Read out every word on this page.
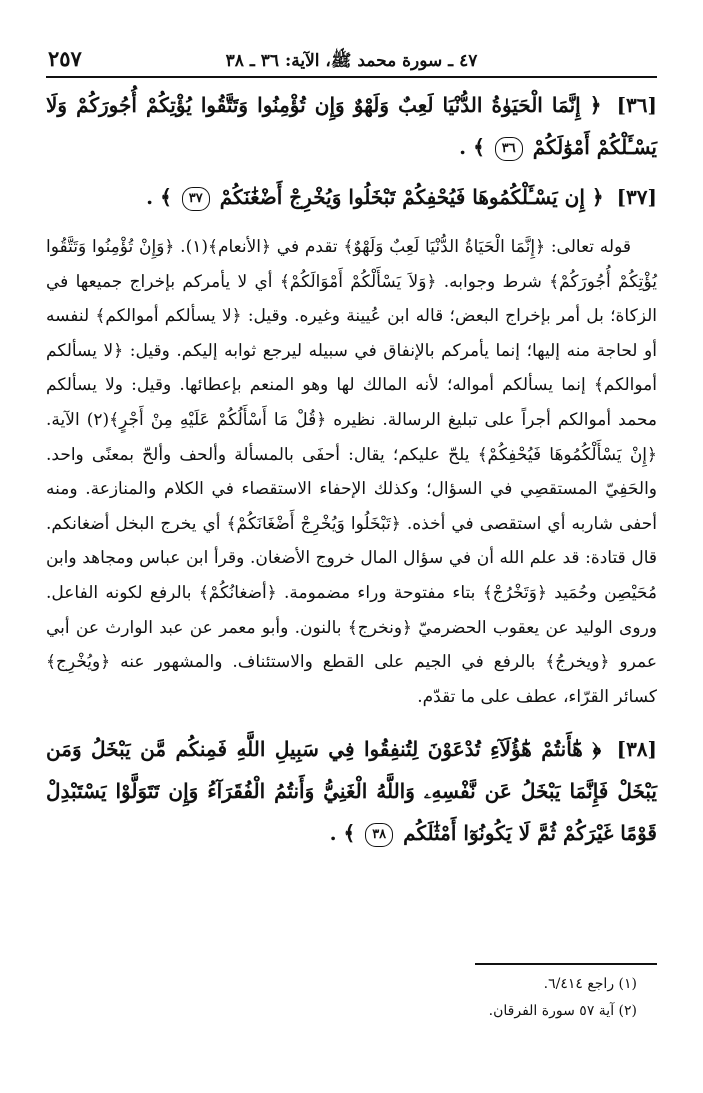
٤٧ ـ سورة محمد ﷺ، الآية: ٣٦ ـ ٣٨
٢٥٧
[٣٦] ﴿ إِنَّمَا الْحَيَوٰةُ الدُّنْيَا لَعِبٌ وَلَهْوٌ وَإِن تُؤْمِنُوا وَتَتَّقُوا يُؤْتِكُمْ أُجُورَكُمْ وَلَا يَسْـَٔلْكُمْ أَمْوَٰلَكُمْ ٣٦ ﴾ .
[٣٧] ﴿ إِن يَسْـَٔلْكُمُوهَا فَيُحْفِكُمْ تَبْخَلُوا وَيُخْرِجْ أَضْغَٰنَكُمْ ٣٧ ﴾ .

قوله تعالى: ﴿إِنَّمَا الْحَيَاةُ الدُّنْيَا لَعِبٌ وَلَهْوٌ﴾ تقدم في ﴿الأنعام﴾(١). ﴿وَإِنْ تُؤْمِنُوا وَتَتَّقُوا يُؤْتِكُمْ أُجُورَكُمْ﴾ شرط وجوابه. ﴿وَلاَ يَسْأَلْكُمْ أَمْوَالَكُمْ﴾ أي لا يأمركم بإخراج جميعها في الزكاة؛ بل أمر بإخراج البعض؛ قاله ابن عُيينة وغيره. وقيل: ﴿لا يسألكم أموالكم﴾ لنفسه أو لحاجة منه إليها؛ إنما يأمركم بالإنفاق في سبيله ليرجع ثوابه إليكم. وقيل: ﴿لا يسألكم أموالكم﴾ إنما يسألكم أمواله؛ لأنه المالك لها وهو المنعم بإعطائها. وقيل: ولا يسألكم محمد أموالكم أجراً على تبليغ الرسالة. نظيره ﴿قُلْ مَا أَسْأَلُكُمْ عَلَيْهِ مِنْ أَجْرٍ﴾(٢) الآية. ﴿إِنْ يَسْأَلْكُمُوهَا فَيُحْفِكُمْ﴾ يلحّ عليكم؛ يقال: أحفَى بالمسألة وألحف وألحّ بمعنًى واحد. والحَفِيّ المستقصِي في السؤال؛ وكذلك الإحفاء الاستقصاء في الكلام والمنازعة. ومنه أحفى شاربه أي استقصى في أخذه. ﴿تَبْخَلُوا وَيُخْرِجْ أَضْغَانَكُمْ﴾ أي يخرج البخل أضغانكم. قال قتادة: قد علم الله أن في سؤال المال خروج الأضغان. وقرأ ابن عباس ومجاهد وابن مُحَيْصِن وحُمَيد ﴿وَتَخْرُجْ﴾ بتاء مفتوحة وراء مضمومة. ﴿أضغانُكُمْ﴾ بالرفع لكونه الفاعل. وروى الوليد عن يعقوب الحضرميّ ﴿ونخرج﴾ بالنون. وأبو معمر عن عبد الوارث عن أبي عمرو ﴿ويخرجُ﴾ بالرفع في الجيم على القطع والاستئناف. والمشهور عنه ﴿ويُخْرِج﴾ كسائر القرّاء، عطف على ما تقدّم.

[٣٨] ﴿ هَٰٓأَنتُمْ هَٰٓؤُلَآءِ تُدْعَوْنَ لِتُنفِقُوا فِي سَبِيلِ اللَّهِ فَمِنكُم مَّن يَبْخَلُ وَمَن يَبْخَلْ فَإِنَّمَا يَبْخَلُ عَن نَّفْسِهِۦ وَاللَّهُ الْغَنِيُّ وَأَنتُمُ الْفُقَرَآءُ وَإِن تَتَوَلَّوْا يَسْتَبْدِلْ قَوْمًا غَيْرَكُمْ ثُمَّ لَا يَكُونُوٓا أَمْثَٰلَكُم ٣٨ ﴾ .
(١) راجع ٦/٤١٤.
(٢) آية ٥٧ سورة الفرقان.
